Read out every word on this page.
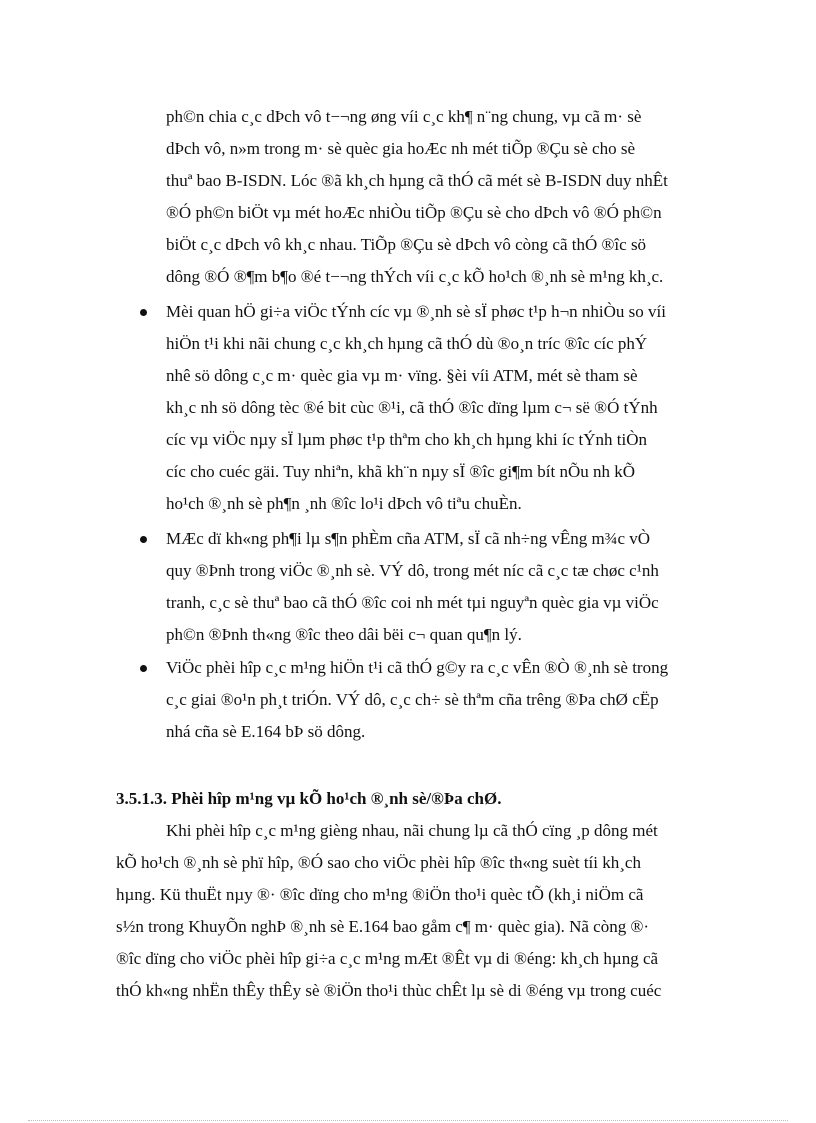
ph©n chia c¸c dÞch vô t−¬ng øng víi c¸c kh¶ n¨ng chung, vµ cã m· sè
dÞch vô, n»m trong m· sè quèc gia hoÆc nh mét tiÕp ®Çu sè cho sè
thuª bao B-ISDN. Lóc ®ã kh¸ch hµng cã thÓ cã mét sè B-ISDN duy nhÊt
®Ó ph©n biÖt vµ mét hoÆc nhiÒu tiÕp ®Çu sè cho dÞch vô ®Ó ph©n
biÖt c¸c dÞch vô kh¸c nhau. TiÕp ®Çu sè dÞch vô còng cã thÓ ®îc sö
dông ®Ó ®¶m b¶o ®é t−¬ng thÝch víi c¸c kÕ ho¹ch ®¸nh sè m¹ng kh¸c.
Mèi quan hÖ gi÷a viÖc tÝnh cíc vµ ®¸nh sè sÏ phøc t¹p h¬n nhiÒu so víi
hiÖn t¹i khi nãi chung c¸c kh¸ch hµng cã thÓ dù ®o¸n tríc ®îc cíc phÝ
nhê sö dông c¸c m· quèc gia vµ m· vïng. §èi víi ATM, mét sè tham sè
kh¸c nh sö dông tèc ®é bit cùc ®¹i, cã thÓ ®îc dïng lµm c¬ së ®Ó tÝnh
cíc vµ viÖc nµy sÏ lµm phøc t¹p thªm cho kh¸ch hµng khi íc tÝnh tiÒn
cíc cho cuéc gäi. Tuy nhiªn, khã kh¨n nµy sÏ ®îc gi¶m bít nÕu nh kÕ
ho¹ch ®¸nh sè ph¶n ¸nh ®îc lo¹i dÞch vô tiªu chuÈn.
MÆc dï kh«ng ph¶i lµ s¶n phÈm cña ATM, sÏ cã nh÷ng vÊng m¾c vÒ
quy ®Þnh trong viÖc ®¸nh sè. VÝ dô, trong mét níc cã c¸c tæ chøc c¹nh
tranh, c¸c sè thuª bao cã thÓ ®îc coi nh mét tµi nguyªn quèc gia vµ viÖc
ph©n ®Þnh th«ng ®îc theo dâi bëi c¬ quan qu¶n lý.
ViÖc phèi hîp c¸c m¹ng hiÖn t¹i cã thÓ g©y ra c¸c vÊn ®Ò ®¸nh sè trong
c¸c giai ®o¹n ph¸t triÓn. VÝ dô, c¸c ch÷ sè thªm cña trêng ®Þa chØ cËp
nhá cña sè E.164 bÞ sö dông.
3.5.1.3. Phèi hîp m¹ng vµ kÕ ho¹ch ®¸nh sè/®Þa chØ.
Khi phèi hîp c¸c m¹ng gièng nhau, nãi chung lµ cã thÓ cïng ¸p dông mét
kÕ ho¹ch ®¸nh sè phï hîp, ®Ó sao cho viÖc phèi hîp ®îc th«ng suèt tíi kh¸ch
hµng. Kü thuËt nµy ®· ®îc dïng cho m¹ng ®iÖn tho¹i quèc tÕ (kh¸i niÖm cã
s½n trong KhuyÕn nghÞ ®¸nh sè E.164 bao gåm c¶ m· quèc gia). Nã còng ®·
®îc dïng cho viÖc phèi hîp gi÷a c¸c m¹ng mÆt ®Êt vµ di ®éng: kh¸ch hµng cã
thÓ kh«ng nhËn thÊy thÊy sè ®iÖn tho¹i thùc chÊt lµ sè di ®éng vµ trong cuéc
